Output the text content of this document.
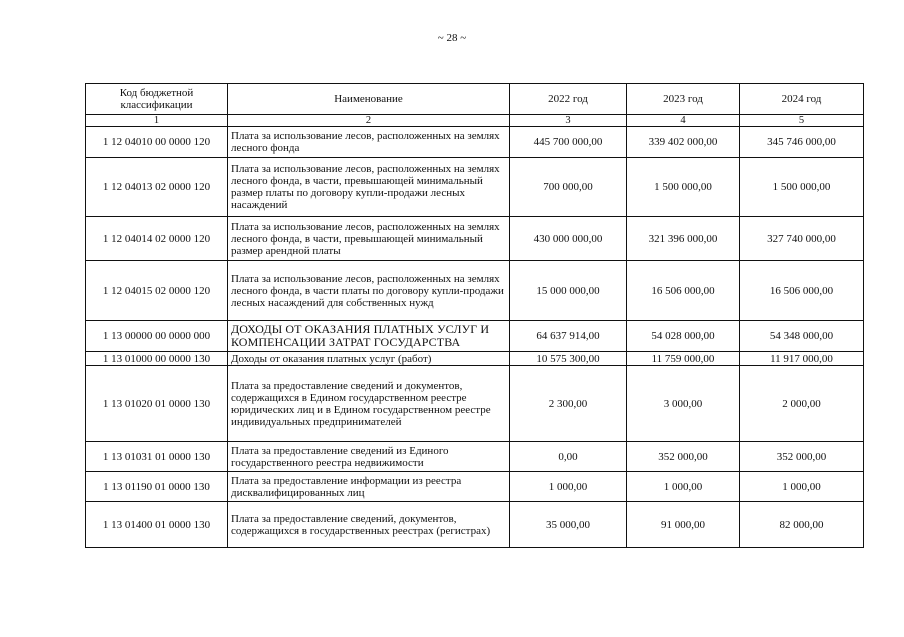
~ 28 ~
Код бюджетной классификации	Наименование	2022 год	2023 год	2024 год
1	2	3	4	5
1 12 04010 00 0000 120	Плата за использование лесов, расположенных на землях лесного фонда	445 700 000,00	339 402 000,00	345 746 000,00
1 12 04013 02 0000 120	Плата за использование лесов, расположенных на землях лесного фонда, в части, превышающей минимальный размер платы по договору купли-продажи лесных насаждений	700 000,00	1 500 000,00	1 500 000,00
1 12 04014 02 0000 120	Плата за использование лесов, расположенных на землях лесного фонда, в части, превышающей минимальный размер арендной платы	430 000 000,00	321 396 000,00	327 740 000,00
1 12 04015 02 0000 120	Плата за использование лесов, расположенных на землях лесного фонда, в части платы по договору купли-продажи лесных насаждений для собственных нужд	15 000 000,00	16 506 000,00	16 506 000,00
1 13 00000 00 0000 000	ДОХОДЫ ОТ ОКАЗАНИЯ ПЛАТНЫХ УСЛУГ И КОМПЕНСАЦИИ ЗАТРАТ ГОСУДАРСТВА	64 637 914,00	54 028 000,00	54 348 000,00
1 13 01000 00 0000 130	Доходы от оказания платных услуг (работ)	10 575 300,00	11 759 000,00	11 917 000,00
1 13 01020 01 0000 130	Плата за предоставление сведений и документов, содержащихся в Едином государственном реестре юридических лиц и в Едином государственном реестре индивидуальных предпринимателей	2 300,00	3 000,00	2 000,00
1 13 01031 01 0000 130	Плата за предоставление сведений из Единого государственного реестра недвижимости	0,00	352 000,00	352 000,00
1 13 01190 01 0000 130	Плата за предоставление информации из реестра дисквалифицированных лиц	1 000,00	1 000,00	1 000,00
1 13 01400 01 0000 130	Плата за предоставление сведений, документов, содержащихся в государственных реестрах (регистрах)	35 000,00	91 000,00	82 000,00
